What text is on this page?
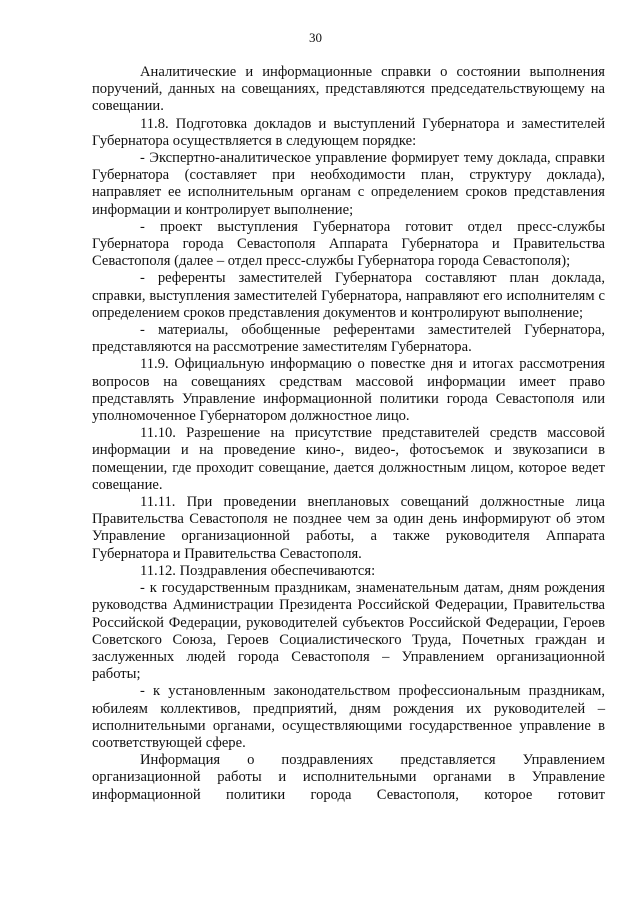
30

Аналитические и информационные справки о состоянии выполнения поручений, данных на совещаниях, представляются председательствующему на совещании.

11.8. Подготовка докладов и выступлений Губернатора и заместителей Губернатора осуществляется в следующем порядке:

- Экспертно-аналитическое управление формирует тему доклада, справки Губернатора (составляет при необходимости план, структуру доклада), направляет ее исполнительным органам с определением сроков представления информации и контролирует выполнение;

- проект выступления Губернатора готовит отдел пресс-службы Губернатора города Севастополя Аппарата Губернатора и Правительства Севастополя (далее – отдел пресс-службы Губернатора города Севастополя);

- референты заместителей Губернатора составляют план доклада, справки, выступления заместителей Губернатора, направляют его исполнителям с определением сроков представления документов и контролируют выполнение;

- материалы, обобщенные референтами заместителей Губернатора, представляются на рассмотрение заместителям Губернатора.

11.9. Официальную информацию о повестке дня и итогах рассмотрения вопросов на совещаниях средствам массовой информации имеет право представлять Управление информационной политики города Севастополя или уполномоченное Губернатором должностное лицо.

11.10. Разрешение на присутствие представителей средств массовой информации и на проведение кино-, видео-, фотосъемок и звукозаписи в помещении, где проходит совещание, дается должностным лицом, которое ведет совещание.

11.11. При проведении внеплановых совещаний должностные лица Правительства Севастополя не позднее чем за один день информируют об этом Управление организационной работы, а также руководителя Аппарата Губернатора и Правительства Севастополя.

11.12. Поздравления обеспечиваются:

- к государственным праздникам, знаменательным датам, дням рождения руководства Администрации Президента Российской Федерации, Правительства Российской Федерации, руководителей субъектов Российской Федерации, Героев Советского Союза, Героев Социалистического Труда, Почетных граждан и заслуженных людей города Севастополя – Управлением организационной работы;

- к установленным законодательством профессиональным праздникам, юбилеям коллективов, предприятий, дням рождения их руководителей – исполнительными органами, осуществляющими государственное управление в соответствующей сфере.

Информация о поздравлениях представляется Управлением организационной работы и исполнительными органами в Управление информационной политики города Севастополя, которое готовит
